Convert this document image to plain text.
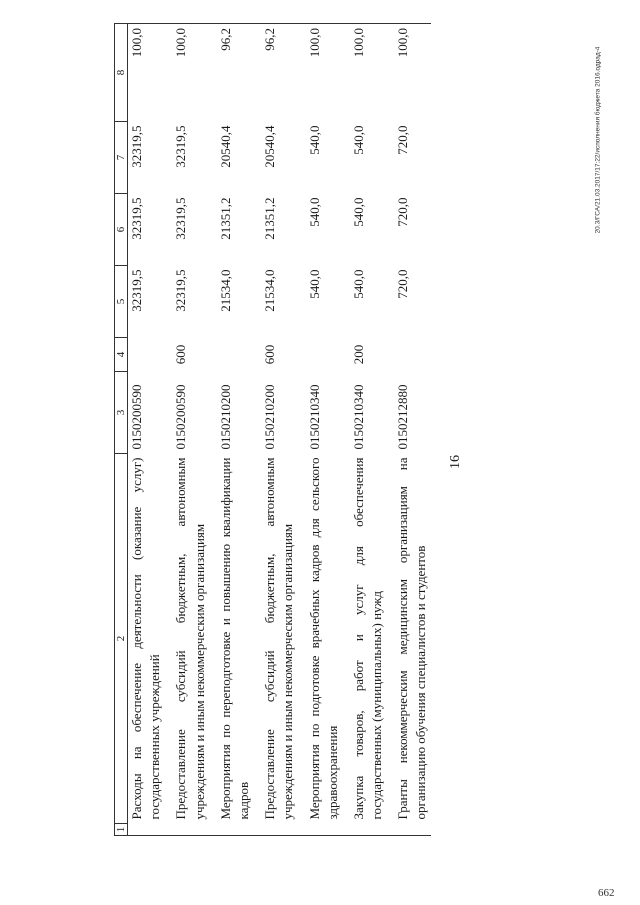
16
20.3/ГСА/21.03.2017/17:22/исполнения бюджета 2016.одрад-4
662
1	2	3	4	5	6	7	8
	Расходы на обеспечение деятельности (оказание услуг) государственных учреждений	0150200590		32319,5	32319,5	32319,5	100,0

	Предоставление субсидий бюджетным, автономным учреждениям и иным некоммерческим организациям	0150200590	600	32319,5	32319,5	32319,5	100,0

	Мероприятия по переподготовке и повышению квалификации кадров	0150210200		21534,0	21351,2	20540,4	96,2

	Предоставление субсидий бюджетным, автономным учреждениям и иным некоммерческим организациям	0150210200	600	21534,0	21351,2	20540,4	96,2

	Мероприятия по подготовке врачебных кадров для сельского здравоохранения	0150210340		540,0	540,0	540,0	100,0

	Закупка товаров, работ и услуг для обеспечения государственных (муниципальных) нужд	0150210340	200	540,0	540,0	540,0	100,0

	Гранты некоммерческим медицинским организациям на организацию обучения специалистов и студентов	0150212880		720,0	720,0	720,0	100,0
